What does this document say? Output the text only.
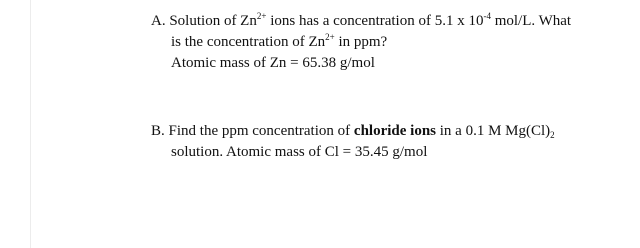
A. Solution of $Zn^{2+}$ ions has a concentration of 5.1 x $10^{-4}$ mol/L. What
is the concentration of $Zn^{2+}$ in ppm?
Atomic mass of Zn = 65.38 g/mol
B. Find the ppm concentration of chloride ions in a 0.1 M $Mg(Cl)_2$
solution. Atomic mass of Cl = 35.45 g/mol
